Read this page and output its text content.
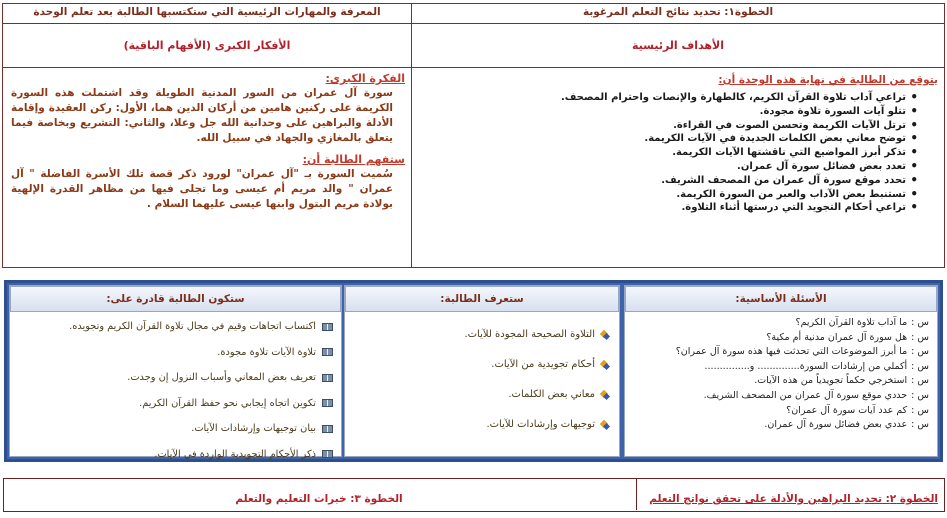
الخطوة١: تحديد نتائج التعلم المرغوبة
المعرفة والمهارات الرئيسية التي ستكتسبها الطالبة بعد تعلم الوحدة
الأهداف الرئيسية
الأفكار الكبرى (الأفهام الباقية)
يتوقع من الطالبة في نهاية هذه الوحدة أن:
• تراعي آداب تلاوة القرآن الكريم، كالطهارة والإنصات واحترام المصحف.
• تتلو آيات السورة تلاوة مجودة.
• ترتل الآيات الكريمة وتحسن الصوت في القراءة.
• توضح معاني بعض الكلمات الجديدة في الآيات الكريمة.
• تذكر أبرز المواضيع التي ناقشتها الآيات الكريمة.
• تعدد بعض فضائل سورة آل عمران.
• تحدد موقع سورة آل عمران من المصحف الشريف.
• تستنبط بعض الآداب والعبر من السورة الكريمة.
• تراعي أحكام التجويد التي درستها أثناء التلاوة.
الفكرة الكبرى:
سورة آل عمران من السور المدنية الطويلة وقد اشتملت هذه السورة الكريمة على ركنين هامين من أركان الدين هما، الأول: ركن العقيدة وإقامة الأدلة والبراهين على وحدانية الله جل وعلا، والثاني: التشريع وبخاصة فيما يتعلق بالمغازي والجهاد في سبيل الله.
ستفهم الطالبة أن:
سُميت السورة بـ "آل عمران" لورود ذكر قصة تلك الأسرة الفاضلة " آل عمران " والد مريم أم عيسى وما تجلى فيها من مظاهر القدرة الإلهية بولادة مريم البتول وابنها عيسى عليهما السلام .
الأسئلة الأساسية:
س :
ما آداب تلاوة القرآن الكريم؟
س :
هل سورة آل عمران مدنية أم مكية؟
س :
ما أبرز الموضوعات التي تحدثت فيها هذه سورة آل عمران؟
س :
أكملي من إرشادات السورة.............. و...............
س :
استخرجي حكماً تجويدياً من هذه الآيات.
س :
حددي موقع سورة آل عمران من المصحف الشريف.
س :
كم عدد آيات سورة آل عمران؟
س :
عددي بعض فضائل سورة آل عمران.
ستعرف الطالبة:
التلاوة الصحيحة المجودة للآيات.
أحكام تجويدية من الآيات.
معاني بعض الكلمات.
توجيهات وإرشادات للآيات.
ستكون الطالبة قادرة على:
اكتساب اتجاهات وقيم في مجال تلاوة القرآن الكريم وتجويده.
تلاوة الآيات تلاوة مجودة.
تعريف بعض المعاني وأسباب النزول إن وجدت.
تكوين اتجاه إيجابي نحو حفظ القرآن الكريم.
بيان توجيهات وإرشادات الآيات.
ذكر الأحكام التجويدية الواردة في الآيات.
الخطوة ٢: تحديد البراهين والأدلة على تحقق نواتج التعلم
الخطوة ٣: خبرات التعليم والتعلم
